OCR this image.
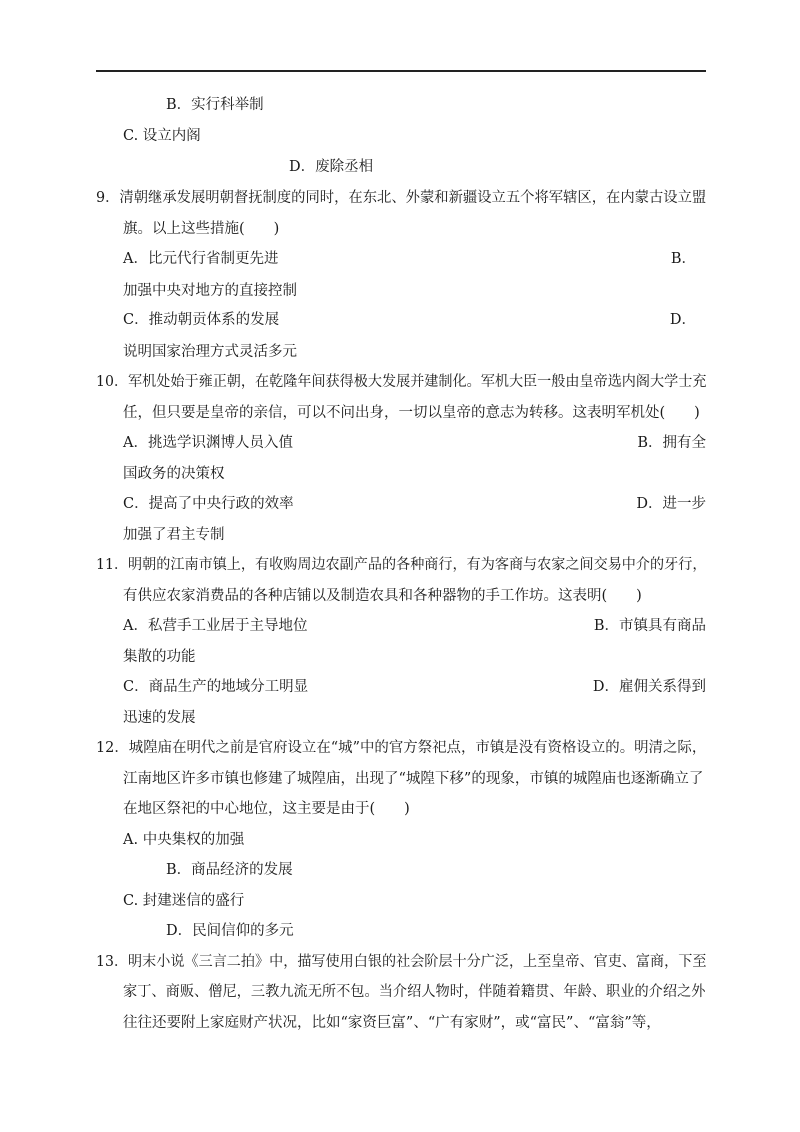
B．实行科举制
C. 设立内阁
D．废除丞相
9．清朝继承发展明朝督抚制度的同时，在东北、外蒙和新疆设立五个将军辖区，在内蒙古设立盟
旗。以上这些措施(　　)
A．比元代行省制更先进	B．
加强中央对地方的直接控制
C．推动朝贡体系的发展	D．
说明国家治理方式灵活多元
10．军机处始于雍正朝，在乾隆年间获得极大发展并建制化。军机大臣一般由皇帝选内阁大学士充
任，但只要是皇帝的亲信，可以不问出身，一切以皇帝的意志为转移。这表明军机处(　　)
A．挑选学识渊博人员入值	B．拥有全
国政务的决策权
C．提高了中央行政的效率	D．进一步
加强了君主专制
11．明朝的江南市镇上，有收购周边农副产品的各种商行，有为客商与农家之间交易中介的牙行，
有供应农家消费品的各种店铺以及制造农具和各种器物的手工作坊。这表明(　　)
A．私营手工业居于主导地位	B．市镇具有商品
集散的功能
C．商品生产的地域分工明显	D．雇佣关系得到
迅速的发展
12．城隍庙在明代之前是官府设立在“城”中的官方祭祀点，市镇是没有资格设立的。明清之际，
江南地区许多市镇也修建了城隍庙，出现了“城隍下移”的现象，市镇的城隍庙也逐渐确立了
在地区祭祀的中心地位，这主要是由于(　　)
A. 中央集权的加强
B．商品经济的发展
C. 封建迷信的盛行
D．民间信仰的多元
13．明末小说《三言二拍》中，描写使用白银的社会阶层十分广泛，上至皇帝、官吏、富商，下至
家丁、商贩、僧尼，三教九流无所不包。当介绍人物时，伴随着籍贯、年龄、职业的介绍之外
往往还要附上家庭财产状况，比如“家资巨富”、“广有家财”，或“富民”、“富翁”等，
